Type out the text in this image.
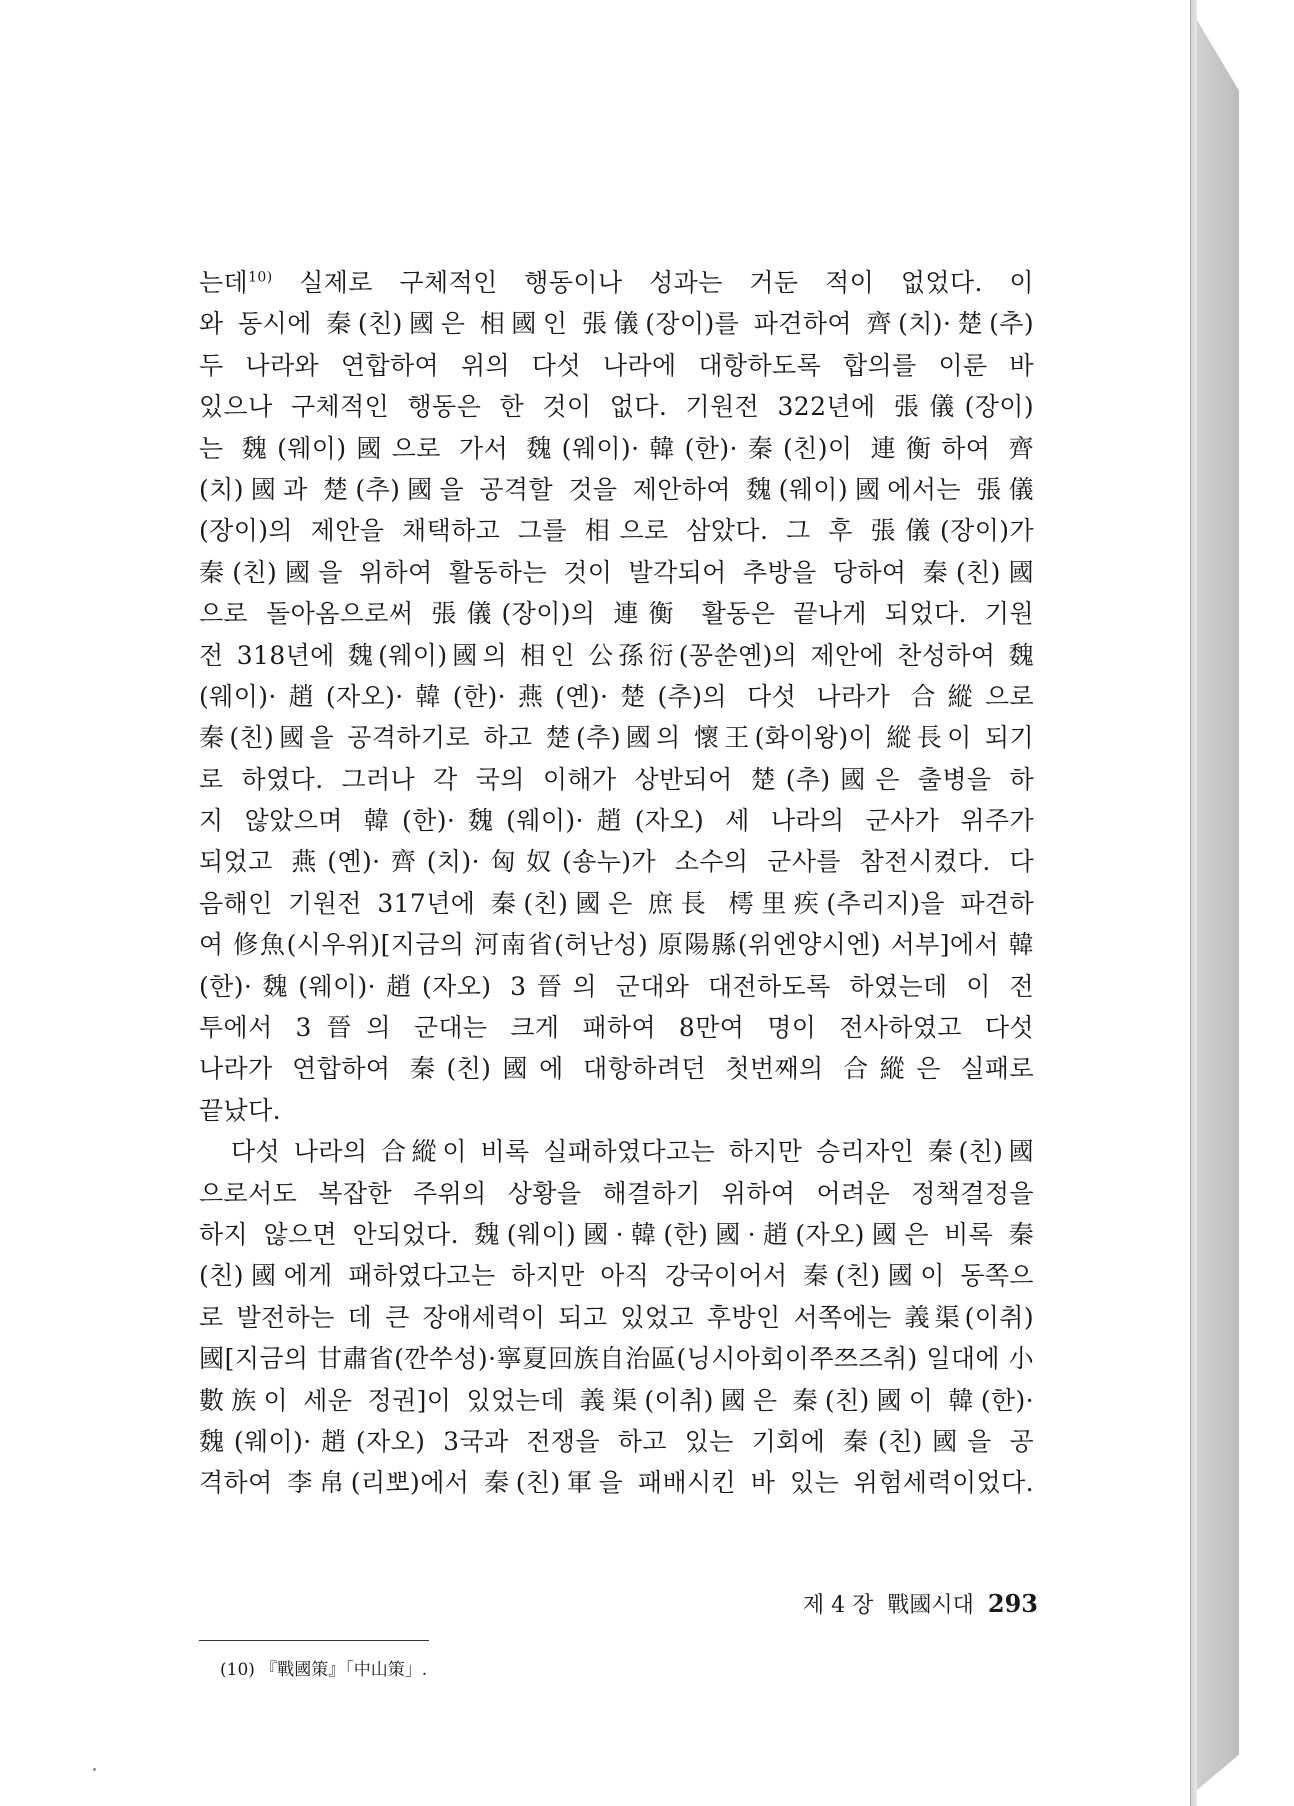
는데$^{10)}$ 실제로 구체적인 행동이나 성과는 거둔 적이 없었다. 이
와 동시에 秦(친)國은 相國인 張儀(장이)를 파견하여 齊(치)·楚(추)
두 나라와 연합하여 위의 다섯 나라에 대항하도록 합의를 이룬 바
있으나 구체적인 행동은 한 것이 없다. 기원전 322년에 張儀(장이)
는 魏(웨이)國으로 가서 魏(웨이)·韓(한)·秦(친)이 連衡하여 齊
(치)國과 楚(추)國을 공격할 것을 제안하여 魏(웨이)國에서는 張儀
(장이)의 제안을 채택하고 그를 相으로 삼았다. 그 후 張儀(장이)가
秦(친)國을 위하여 활동하는 것이 발각되어 추방을 당하여 秦(친)國
으로 돌아옴으로써 張儀(장이)의 連衡 활동은 끝나게 되었다. 기원
전 318년에 魏(웨이)國의 相인 公孫衍(꽁쑨옌)의 제안에 찬성하여 魏
(웨이)·趙(자오)·韓(한)·燕(옌)·楚(추)의 다섯 나라가 合縱으로
秦(친)國을 공격하기로 하고 楚(추)國의 懷王(화이왕)이 縱長이 되기
로 하였다. 그러나 각 국의 이해가 상반되어 楚(추)國은 출병을 하
지 않았으며 韓(한)·魏(웨이)·趙(자오) 세 나라의 군사가 위주가
되었고 燕(옌)·齊(치)·匈奴(숑누)가 소수의 군사를 참전시켰다. 다
음해인 기원전 317년에 秦(친)國은 庶長 樗里疾(추리지)을 파견하
여 修魚(시우위)[지금의 河南省(허난성) 原陽縣(위엔양시엔) 서부]에서 韓
(한)·魏(웨이)·趙(자오) 3晉의 군대와 대전하도록 하였는데 이 전
투에서 3晉의 군대는 크게 패하여 8만여 명이 전사하였고 다섯
나라가 연합하여 秦(친)國에 대항하려던 첫번째의 合縱은 실패로
끝났다.
다섯 나라의 合縱이 비록 실패하였다고는 하지만 승리자인 秦(친)國
으로서도 복잡한 주위의 상황을 해결하기 위하여 어려운 정책결정을
하지 않으면 안되었다. 魏(웨이)國·韓(한)國·趙(자오)國은 비록 秦
(친)國에게 패하였다고는 하지만 아직 강국이어서 秦(친)國이 동쪽으
로 발전하는 데 큰 장애세력이 되고 있었고 후방인 서쪽에는 義渠(이취)
國[지금의 甘肅省(깐쑤성)·寧夏回族自治區(닝시아회이쭈쯔즈취) 일대에 小
數族이 세운 정권]이 있었는데 義渠(이취)國은 秦(친)國이 韓(한)·
魏(웨이)·趙(자오) 3국과 전쟁을 하고 있는 기회에 秦(친)國을 공
격하여 李帛(리뽀)에서 秦(친)軍을 패배시킨 바 있는 위험세력이었다.
(10) 『戰國策』「中山策」.
제 4 장 戰國시대 293
